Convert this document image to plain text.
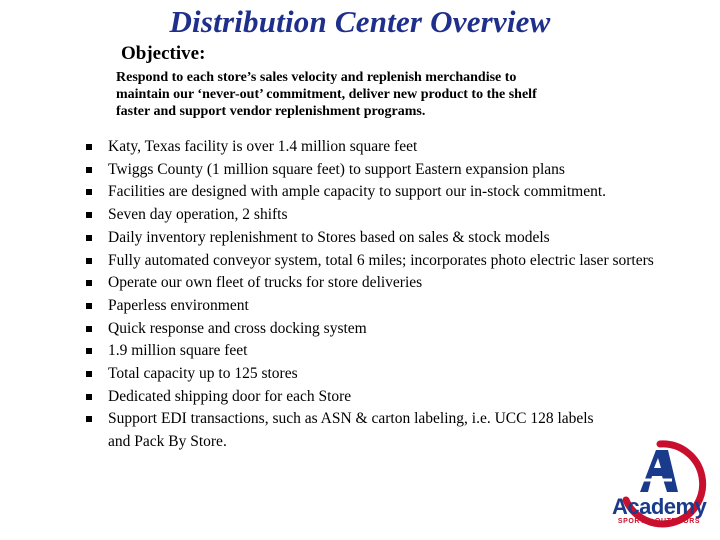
Distribution Center Overview
Objective:
Respond to each store’s sales velocity and replenish merchandise to
maintain our ‘never-out’ commitment, deliver new product to the shelf
faster and support vendor replenishment programs.
Katy, Texas facility is over 1.4 million square feet
Twiggs County (1 million square feet) to support Eastern expansion plans
Facilities are designed with ample capacity to support our in-stock commitment.
Seven day operation, 2 shifts
Daily inventory replenishment to Stores based on sales & stock models
Fully automated conveyor system, total 6 miles; incorporates photo electric laser sorters
Operate our own fleet of trucks for store deliveries
Paperless environment
Quick response and cross docking system
1.9 million square feet
Total capacity up to 125 stores
Dedicated shipping door for each Store
Support EDI transactions, such as ASN & carton labeling, i.e. UCC 128 labels and Pack By Store.
Academy
SPORTS+OUTDOORS
